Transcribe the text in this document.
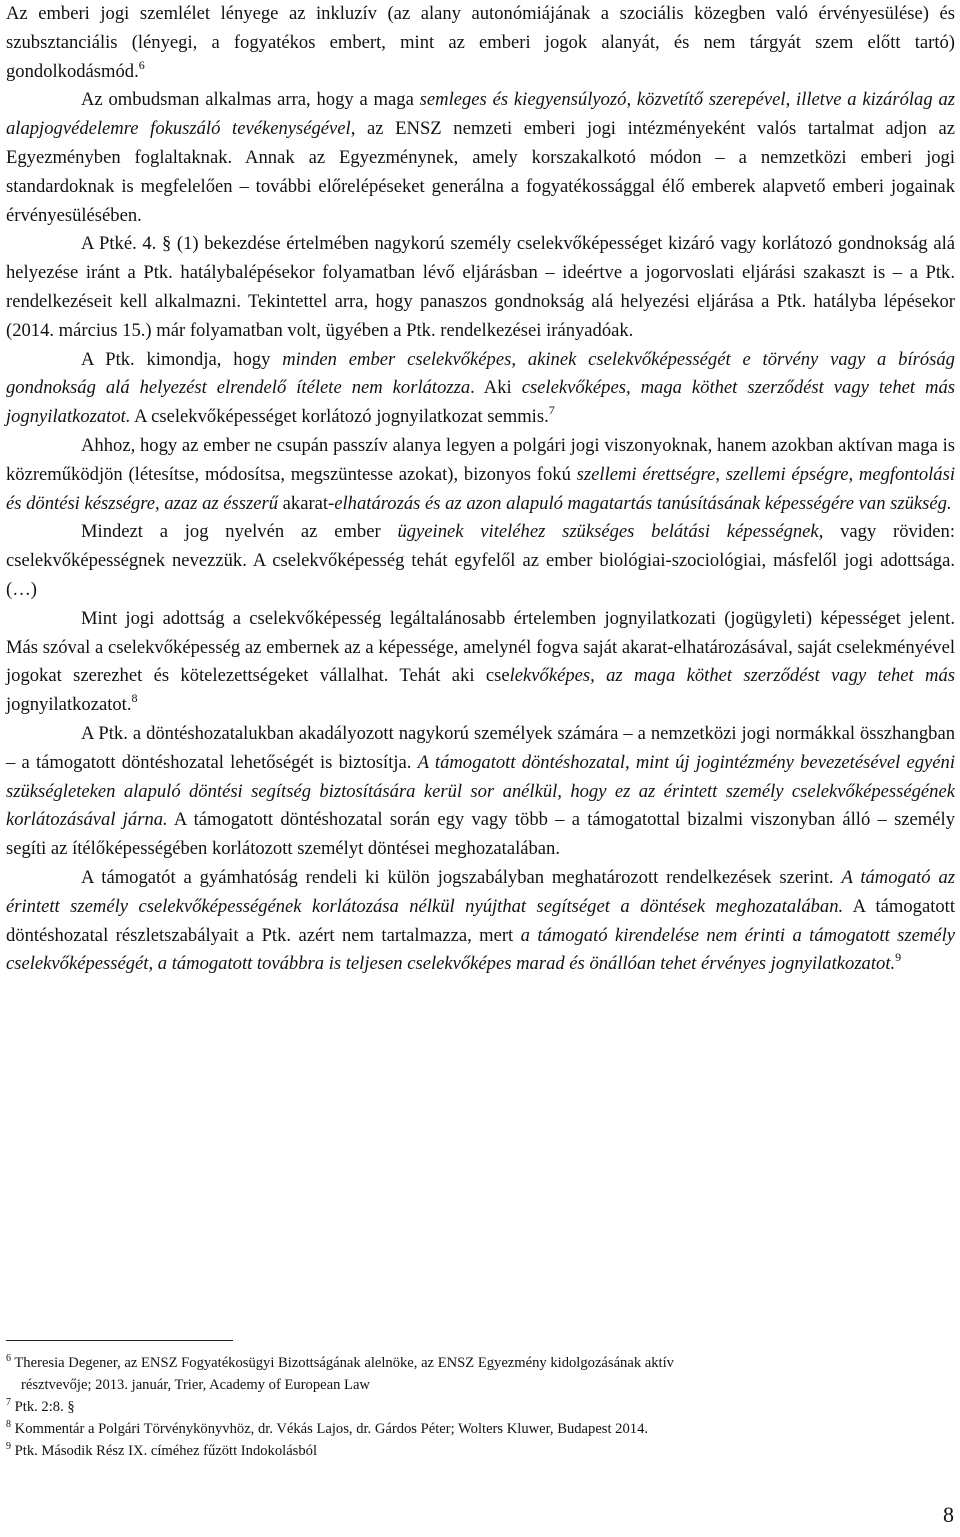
Az emberi jogi szemlélet lényege az inkluzív (az alany autonómiájának a szociális közegben való érvényesülése) és szubsztanciális (lényegi, a fogyatékos embert, mint az emberi jogok alanyát, és nem tárgyát szem előtt tartó) gondolkodásmód.$^6$

Az ombudsman alkalmas arra, hogy a maga semleges és kiegyensúlyozó, közvetítő szerepével, illetve a kizárólag az alapjogvédelemre fokuszáló tevékenységével, az ENSZ nemzeti emberi jogi intézményeként valós tartalmat adjon az Egyezményben foglaltaknak. Annak az Egyezménynek, amely korszakalkotó módon – a nemzetközi emberi jogi standardoknak is megfelelően – további előrelépéseket generálna a fogyatékossággal élő emberek alapvető emberi jogainak érvényesülésében.

A Ptké. 4. § (1) bekezdése értelmében nagykorú személy cselekvőképességet kizáró vagy korlátozó gondnokság alá helyezése iránt a Ptk. hatálybalépésekor folyamatban lévő eljárásban – ideértve a jogorvoslati eljárási szakaszt is – a Ptk. rendelkezéseit kell alkalmazni. Tekintettel arra, hogy panaszos gondnokság alá helyezési eljárása a Ptk. hatályba lépésekor (2014. március 15.) már folyamatban volt, ügyében a Ptk. rendelkezései irányadóak.

A Ptk. kimondja, hogy minden ember cselekvőképes, akinek cselekvőképességét e törvény vagy a bíróság gondnokság alá helyezést elrendelő ítélete nem korlátozza. Aki cselekvőképes, maga köthet szerződést vagy tehet más jognyilatkozatot. A cselekvőképességet korlátozó jognyilatkozat semmis.$^7$

Ahhoz, hogy az ember ne csupán passzív alanya legyen a polgári jogi viszonyoknak, hanem azokban aktívan maga is közreműködjön (létesítse, módosítsa, megszüntesse azokat), bizonyos fokú szellemi érettségre, szellemi épségre, megfontolási és döntési készségre, azaz az ésszerű akarat-elhatározás és az azon alapuló magatartás tanúsításának képességére van szükség.

Mindezt a jog nyelvén az ember ügyeinek viteléhez szükséges belátási képességnek, vagy röviden: cselekvőképességnek nevezzük. A cselekvőképesség tehát egyfelől az ember biológiai-szociológiai, másfelől jogi adottsága. (…)

Mint jogi adottság a cselekvőképesség legáltalánosabb értelemben jognyilatkozati (jogügyleti) képességet jelent. Más szóval a cselekvőképesség az embernek az a képessége, amelynél fogva saját akarat-elhatározásával, saját cselekményével jogokat szerezhet és kötelezettségeket vállalhat. Tehát aki cselekvőképes, az maga köthet szerződést vagy tehet más jognyilatkozatot.$^8$

A Ptk. a döntéshozatalukban akadályozott nagykorú személyek számára – a nemzetközi jogi normákkal összhangban – a támogatott döntéshozatal lehetőségét is biztosítja. A támogatott döntéshozatal, mint új jogintézmény bevezetésével egyéni szükségleteken alapuló döntési segítség biztosítására kerül sor anélkül, hogy ez az érintett személy cselekvőképességének korlátozásával járna. A támogatott döntéshozatal során egy vagy több – a támogatottal bizalmi viszonyban álló – személy segíti az ítélőképességében korlátozott személyt döntései meghozatalában.

A támogatót a gyámhatóság rendeli ki külön jogszabályban meghatározott rendelkezések szerint. A támogató az érintett személy cselekvőképességének korlátozása nélkül nyújthat segítséget a döntések meghozatalában. A támogatott döntéshozatal részletszabályait a Ptk. azért nem tartalmazza, mert a támogató kirendelése nem érinti a támogatott személy cselekvőképességét, a támogatott továbbra is teljesen cselekvőképes marad és önállóan tehet érvényes jognyilatkozatot.$^9$

$^6$ Theresia Degener, az ENSZ Fogyatékosügyi Bizottságának alelnöke, az ENSZ Egyezmény kidolgozásának aktív

résztvevője; 2013. január, Trier, Academy of European Law

$^7$ Ptk. 2:8. §

$^8$ Kommentár a Polgári Törvénykönyvhöz, dr. Vékás Lajos, dr. Gárdos Péter; Wolters Kluwer, Budapest 2014.

$^9$ Ptk. Második Rész IX. címéhez fűzött Indokolásból

8
